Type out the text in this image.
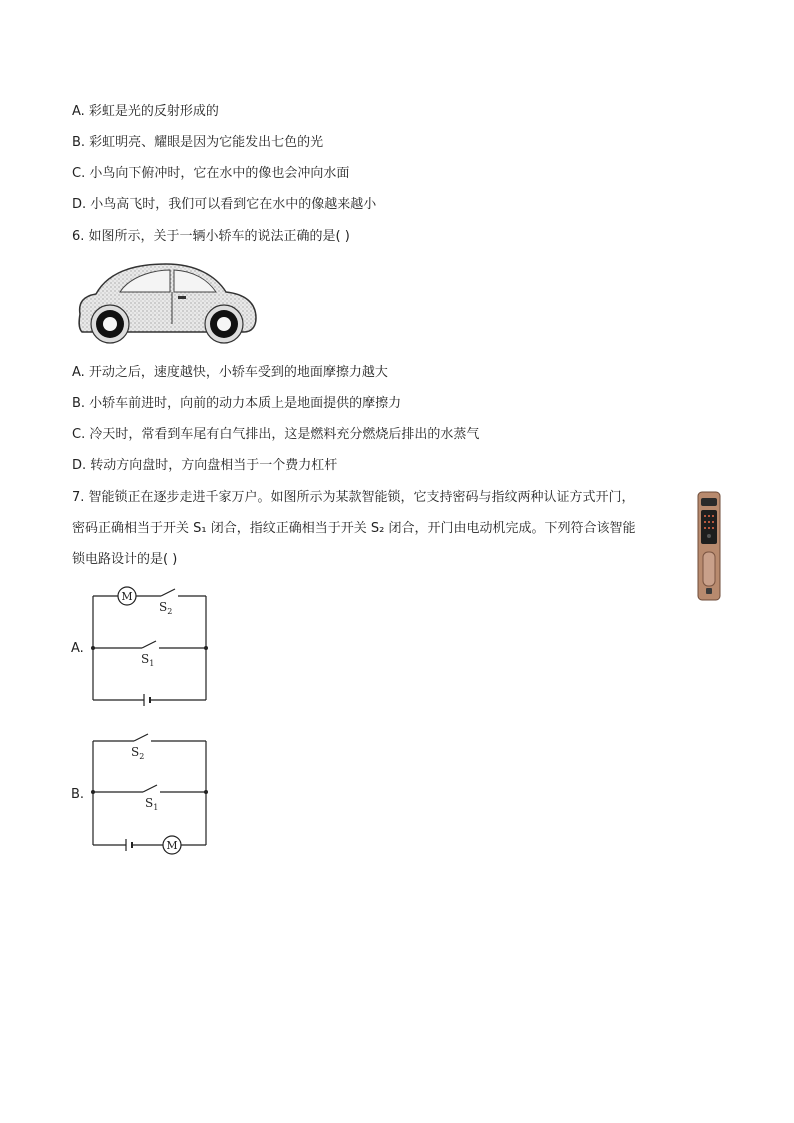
A. 彩虹是光的反射形成的
B. 彩虹明亮、耀眼是因为它能发出七色的光
C. 小鸟向下俯冲时，它在水中的像也会冲向水面
D. 小鸟高飞时，我们可以看到它在水中的像越来越小
6. 如图所示，关于一辆小轿车的说法正确的是( )
A. 开动之后，速度越快，小轿车受到的地面摩擦力越大
B. 小轿车前进时，向前的动力本质上是地面提供的摩擦力
C. 冷天时，常看到车尾有白气排出，这是燃料充分燃烧后排出的水蒸气
D. 转动方向盘时，方向盘相当于一个费力杠杆
7. 智能锁正在逐步走进千家万户。如图所示为某款智能锁，它支持密码与指纹两种认证方式开门，
密码正确相当于开关 S₁ 闭合，指纹正确相当于开关 S₂ 闭合，开门由电动机完成。下列符合该智能
锁电路设计的是( )
A.
M
$S_2$
$S_1$
B.
M
$S_2$
$S_1$
